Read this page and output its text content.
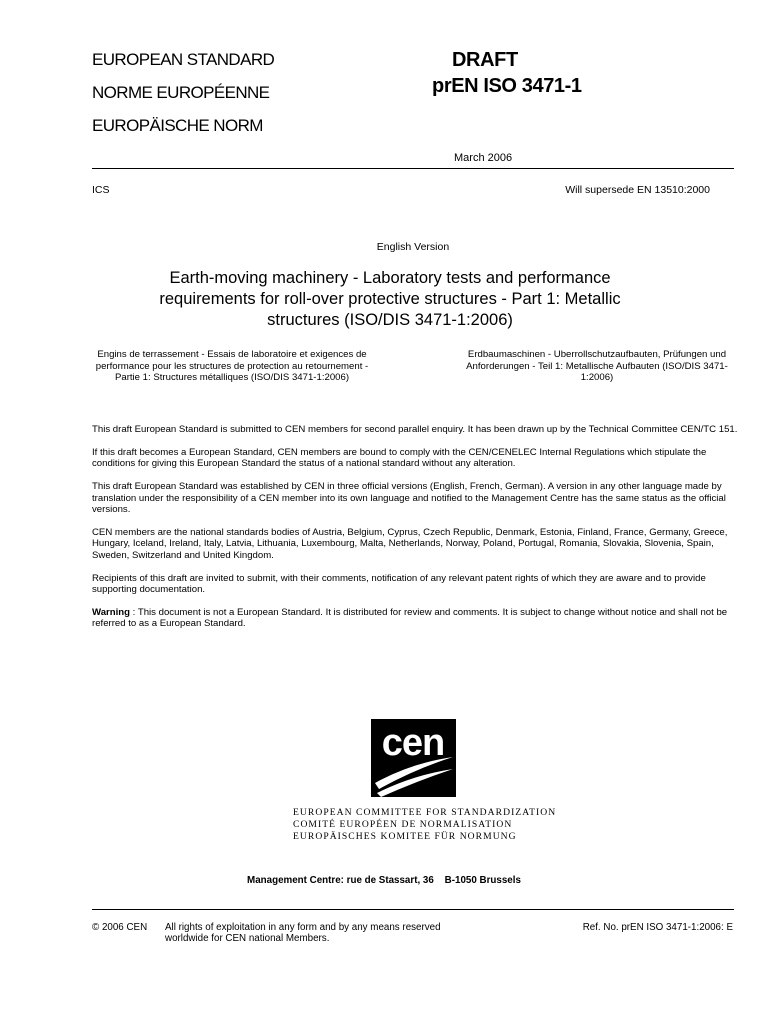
EUROPEAN STANDARD
NORME EUROPÉENNE
EUROPÄISCHE NORM
DRAFT
prEN ISO 3471-1
March 2006
ICS	Will supersede EN 13510:2000
English Version
Earth-moving machinery - Laboratory tests and performance requirements for roll-over protective structures - Part 1: Metallic structures (ISO/DIS 3471-1:2006)
Engins de terrassement - Essais de laboratoire et exigences de performance pour les structures de protection au retournement - Partie 1: Structures métalliques (ISO/DIS 3471-1:2006)
Erdbaumaschinen - Uberrollschutzaufbauten, Prüfungen und Anforderungen - Teil 1: Metallische Aufbauten (ISO/DIS 3471-1:2006)

This draft European Standard is submitted to CEN members for second parallel enquiry. It has been drawn up by the Technical Committee CEN/TC 151.

If this draft becomes a European Standard, CEN members are bound to comply with the CEN/CENELEC Internal Regulations which stipulate the conditions for giving this European Standard the status of a national standard without any alteration.

This draft European Standard was established by CEN in three official versions (English, French, German). A version in any other language made by translation under the responsibility of a CEN member into its own language and notified to the Management Centre has the same status as the official versions.

CEN members are the national standards bodies of Austria, Belgium, Cyprus, Czech Republic, Denmark, Estonia, Finland, France, Germany, Greece, Hungary, Iceland, Ireland, Italy, Latvia, Lithuania, Luxembourg, Malta, Netherlands, Norway, Poland, Portugal, Romania, Slovakia, Slovenia, Spain, Sweden, Switzerland and United Kingdom.

Recipients of this draft are invited to submit, with their comments, notification of any relevant patent rights of which they are aware and to provide supporting documentation.

Warning : This document is not a European Standard. It is distributed for review and comments. It is subject to change without notice and shall not be referred to as a European Standard.

cen
EUROPEAN COMMITTEE FOR STANDARDIZATION
COMITÉ EUROPÉEN DE NORMALISATION
EUROPÄISCHES KOMITEE FÜR NORMUNG
Management Centre: rue de Stassart, 36    B-1050 Brussels
© 2006 CEN All rights of exploitation in any form and by any means reserved
worldwide for CEN national Members.
Ref. No. prEN ISO 3471-1:2006: E
